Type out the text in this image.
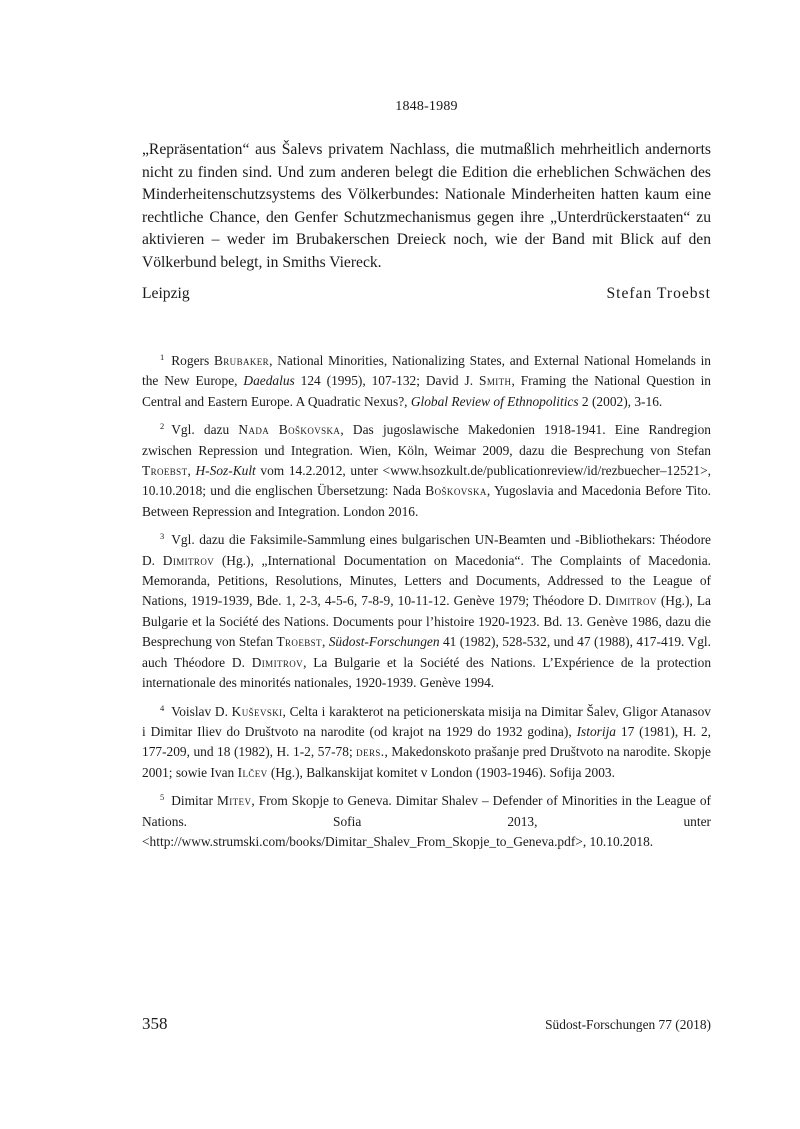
1848-1989

„Repräsentation“ aus Šalevs privatem Nachlass, die mutmaßlich mehrheitlich andernorts nicht zu finden sind. Und zum anderen belegt die Edition die erheblichen Schwächen des Minderheitenschutzsystems des Völkerbundes: Nationale Minderheiten hatten kaum eine rechtliche Chance, den Genfer Schutzmechanismus gegen ihre „Unterdrückerstaaten“ zu aktivieren – weder im Brubakerschen Dreieck noch, wie der Band mit Blick auf den Völkerbund belegt, in Smiths Viereck.

Leipzig	Stefan Troebst

$^1$ Rogers Brubaker, National Minorities, Nationalizing States, and External National Homelands in the New Europe, Daedalus 124 (1995), 107-132; David J. Smith, Framing the National Question in Central and Eastern Europe. A Quadratic Nexus?, Global Review of Ethnopolitics 2 (2002), 3-16.

$^2$ Vgl. dazu Nada Boškovska, Das jugoslawische Makedonien 1918-1941. Eine Randregion zwischen Repression und Integration. Wien, Köln, Weimar 2009, dazu die Besprechung von Stefan Troebst, H-Soz-Kult vom 14.2.2012, unter <www.hsozkult.de/publicationreview/id/rezbuecher–12521>, 10.10.2018; und die englischen Übersetzung: Nada Boškovska, Yugoslavia and Macedonia Before Tito. Between Repression and Integration. London 2016.

$^3$ Vgl. dazu die Faksimile-Sammlung eines bulgarischen UN-Beamten und -Bibliothekars: Théodore D. Dimitrov (Hg.), „International Documentation on Macedonia“. The Complaints of Macedonia. Memoranda, Petitions, Resolutions, Minutes, Letters and Documents, Addressed to the League of Nations, 1919-1939, Bde. 1, 2-3, 4-5-6, 7-8-9, 10-11-12. Genève 1979; Théodore D. Dimitrov (Hg.), La Bulgarie et la Société des Nations. Documents pour l’histoire 1920-1923. Bd. 13. Genève 1986, dazu die Besprechung von Stefan Troebst, Südost-Forschungen 41 (1982), 528-532, und 47 (1988), 417-419. Vgl. auch Théodore D. Dimitrov, La Bulgarie et la Société des Nations. L’Expérience de la protection internationale des minorités nationales, 1920-1939. Genève 1994.

$^4$ Voislav D. Kuševski, Celta i karakterot na peticionerskata misija na Dimitar Šalev, Gligor Atanasov i Dimitar Iliev do Društvoto na narodite (od krajot na 1929 do 1932 godina), Istorija 17 (1981), H. 2, 177-209, und 18 (1982), H. 1-2, 57-78; ders., Makedonskoto prašanje pred Društvoto na narodite. Skopje 2001; sowie Ivan Ilčev (Hg.), Balkanskijat komitet v London (1903-1946). Sofija 2003.

$^5$ Dimitar Mitev, From Skopje to Geneva. Dimitar Shalev – Defender of Minorities in the League of Nations. Sofia 2013, unter <http://www.strumski.com/books/Dimitar_Shalev_From_Skopje_to_Geneva.pdf>, 10.10.2018.

358	Südost-Forschungen 77 (2018)
